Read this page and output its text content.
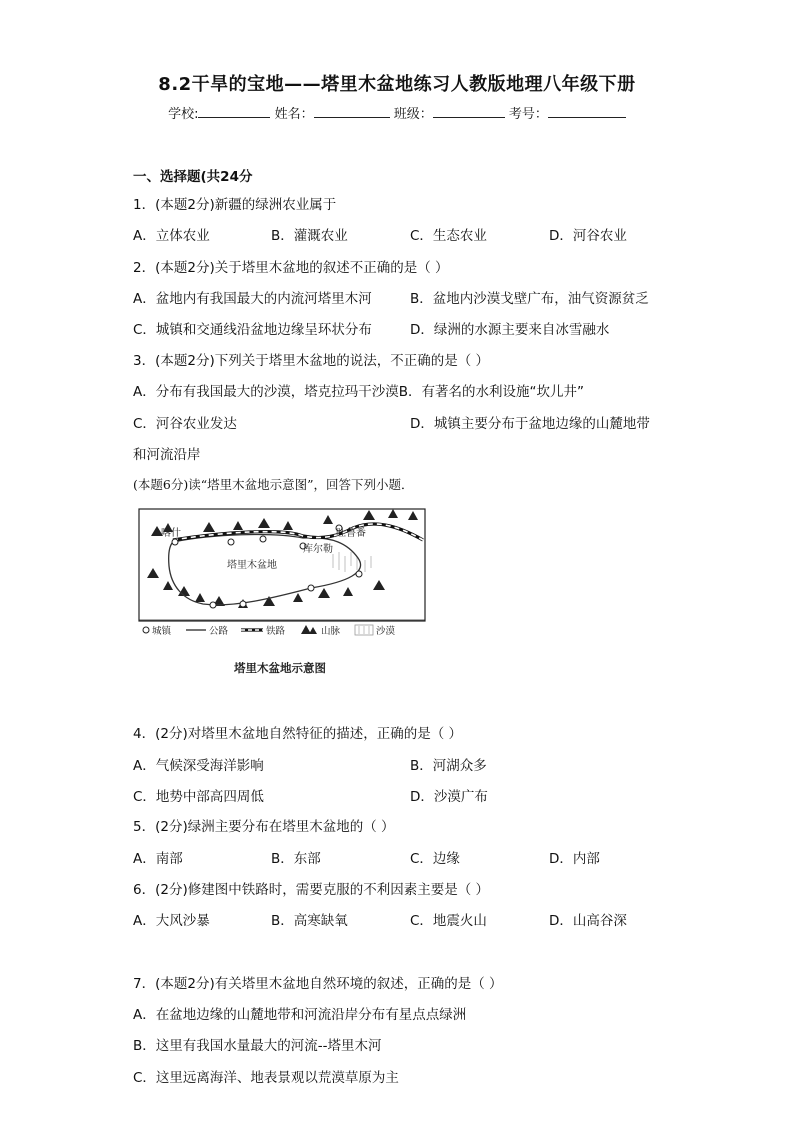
8.2干旱的宝地——塔里木盆地练习人教版地理八年级下册
学校:	姓名：	班级：	考号：
一、选择题(共24分
1．(本题2分)新疆的绿洲农业属于
A．立体农业	B．灌溉农业	C．生态农业	D．河谷农业
2．(本题2分)关于塔里木盆地的叙述不正确的是（ ）
A．盆地内有我国最大的内流河塔里木河	B．盆地内沙漠戈壁广布，油气资源贫乏
C．城镇和交通线沿盆地边缘呈环状分布	D．绿洲的水源主要来自冰雪融水
3．(本题2分)下列关于塔里木盆地的说法，不正确的是（ ）
A．分布有我国最大的沙漠，塔克拉玛干沙漠B．有著名的水利设施“坎儿井”
C．河谷农业发达	D．城镇主要分布于盆地边缘的山麓地带
和河流沿岸
(本题6分)读“塔里木盆地示意图”，回答下列小题．
喀什	吐鲁番
库尔勒
塔里木盆地
城镇	公路	铁路	山脉	沙漠
塔里木盆地示意图
4．(2分)对塔里木盆地自然特征的描述，正确的是（ ）
A．气候深受海洋影响	B．河湖众多
C．地势中部高四周低	D．沙漠广布
5．(2分)绿洲主要分布在塔里木盆地的（ ）
A．南部	B．东部	C．边缘	D．内部
6．(2分)修建图中铁路时，需要克服的不利因素主要是（ ）
A．大风沙暴	B．高寒缺氧	C．地震火山	D．山高谷深
7．(本题2分)有关塔里木盆地自然环境的叙述，正确的是（ ）
A．在盆地边缘的山麓地带和河流沿岸分布有星点点绿洲
B．这里有我国水量最大的河流--塔里木河
C．这里远离海洋、地表景观以荒漠草原为主
